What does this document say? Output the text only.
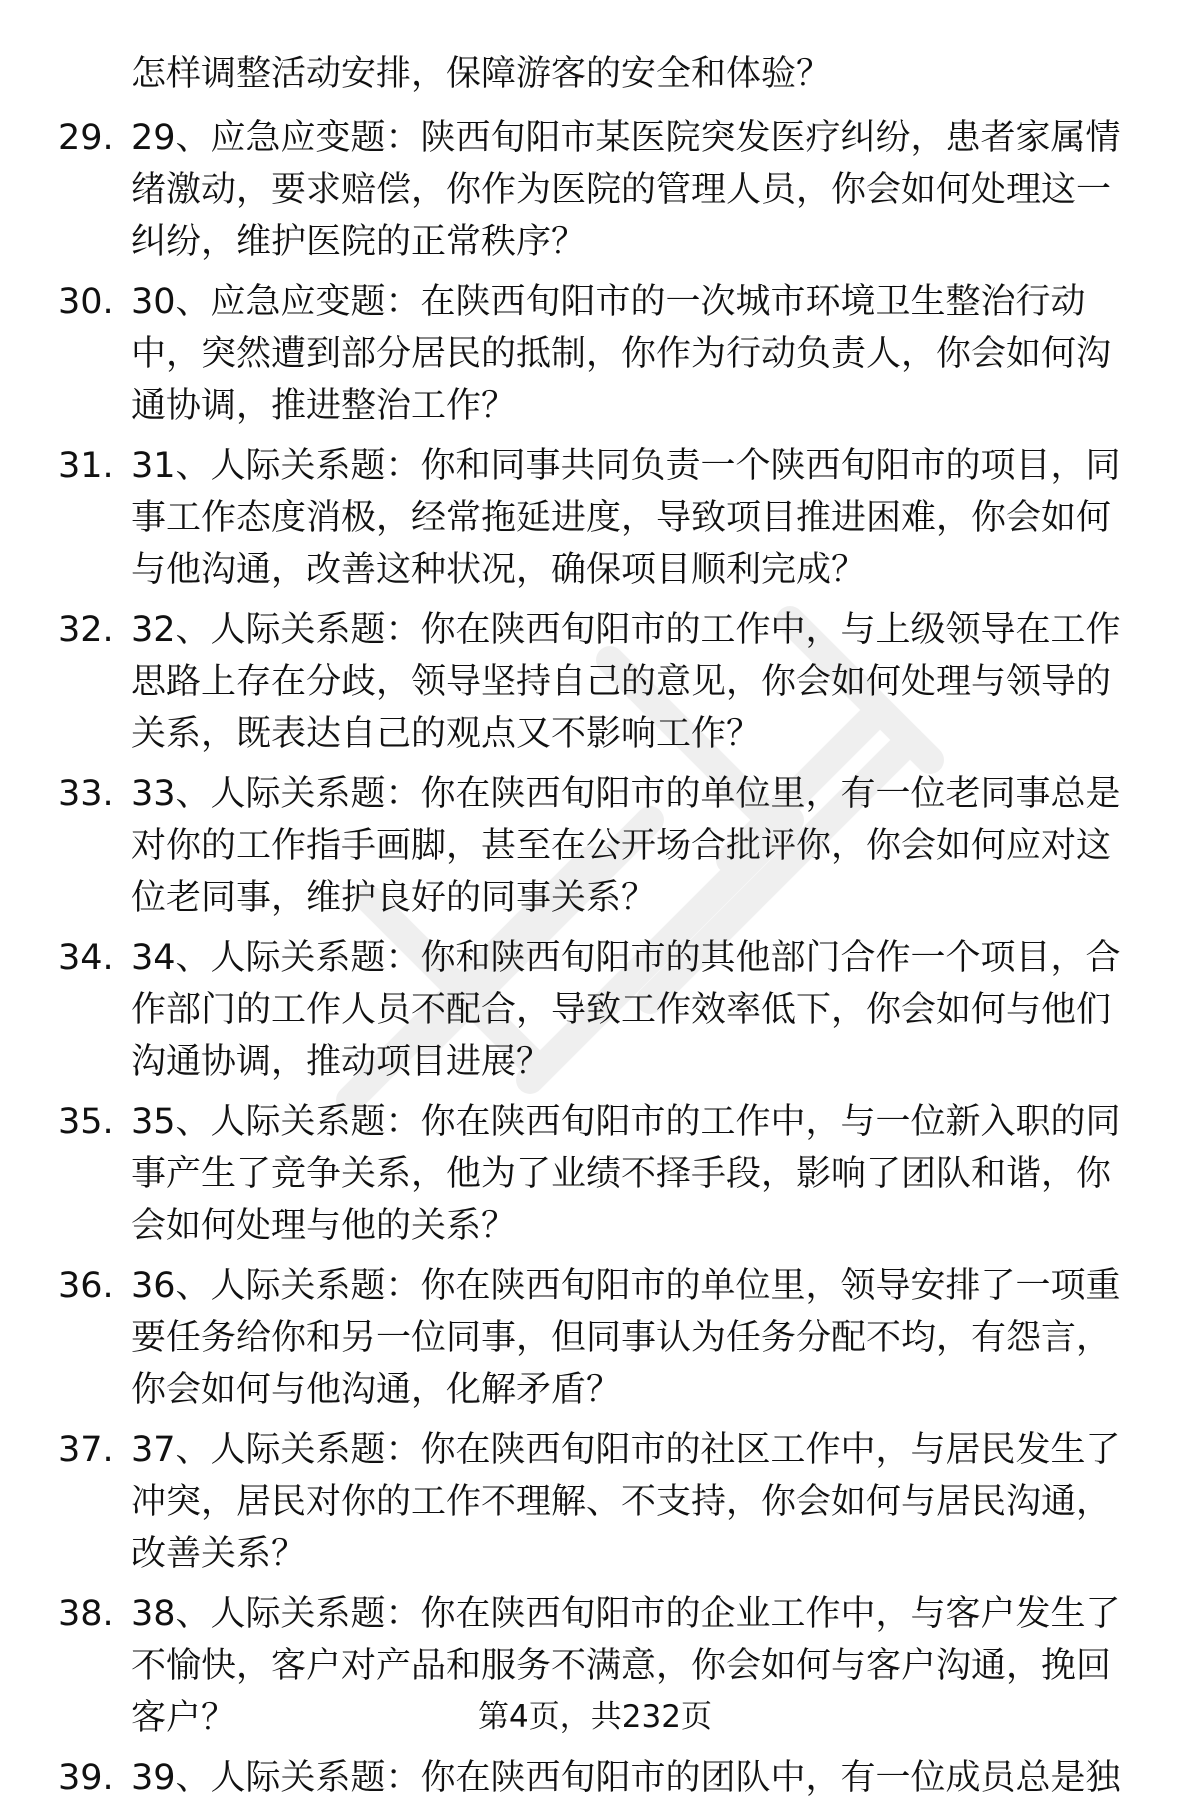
怎样调整活动安排，保障游客的安全和体验？
29. 29、应急应变题：陕西旬阳市某医院突发医疗纠纷，患者家属情
绪激动，要求赔偿，你作为医院的管理人员，你会如何处理这一
纠纷，维护医院的正常秩序？
30. 30、应急应变题：在陕西旬阳市的一次城市环境卫生整治行动
中，突然遭到部分居民的抵制，你作为行动负责人，你会如何沟
通协调，推进整治工作？
31. 31、人际关系题：你和同事共同负责一个陕西旬阳市的项目，同
事工作态度消极，经常拖延进度，导致项目推进困难，你会如何
与他沟通，改善这种状况，确保项目顺利完成？
32. 32、人际关系题：你在陕西旬阳市的工作中，与上级领导在工作
思路上存在分歧，领导坚持自己的意见，你会如何处理与领导的
关系，既表达自己的观点又不影响工作？
33. 33、人际关系题：你在陕西旬阳市的单位里，有一位老同事总是
对你的工作指手画脚，甚至在公开场合批评你，你会如何应对这
位老同事，维护良好的同事关系？
34. 34、人际关系题：你和陕西旬阳市的其他部门合作一个项目，合
作部门的工作人员不配合，导致工作效率低下，你会如何与他们
沟通协调，推动项目进展？
35. 35、人际关系题：你在陕西旬阳市的工作中，与一位新入职的同
事产生了竞争关系，他为了业绩不择手段，影响了团队和谐，你
会如何处理与他的关系？
36. 36、人际关系题：你在陕西旬阳市的单位里，领导安排了一项重
要任务给你和另一位同事，但同事认为任务分配不均，有怨言，
你会如何与他沟通，化解矛盾？
37. 37、人际关系题：你在陕西旬阳市的社区工作中，与居民发生了
冲突，居民对你的工作不理解、不支持，你会如何与居民沟通，
改善关系？
38. 38、人际关系题：你在陕西旬阳市的企业工作中，与客户发生了
不愉快，客户对产品和服务不满意，你会如何与客户沟通，挽回
客户？
39. 39、人际关系题：你在陕西旬阳市的团队中，有一位成员总是独
第4页，共232页
